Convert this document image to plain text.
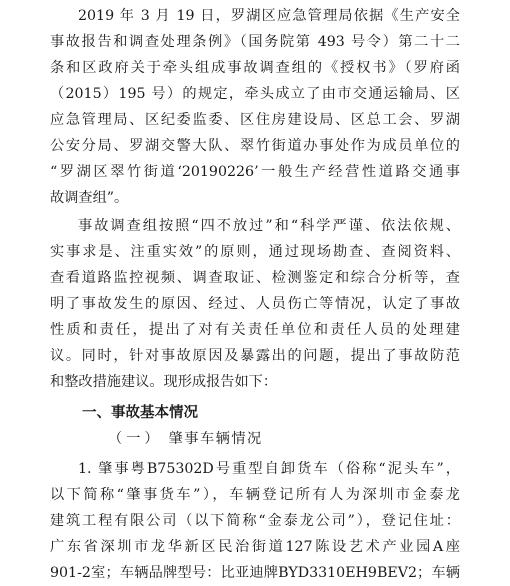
2019 年 3 月 19 日，罗湖区应急管理局依据《生产安全
事故报告和调查处理条例》（国务院第 493 号令）第二十二
条和区政府关于牵头组成事故调查组的《授权书》（罗府函
（2015）195 号）的规定，牵头成立了由市交通运输局、区
应急管理局、区纪委监委、区住房建设局、区总工会、罗湖
公安分局、罗湖交警大队、翠竹街道办事处作为成员单位的
“罗湖区翠竹街道‘20190226’一般生产经营性道路交通事
故调查组”。
事故调查组按照“四不放过”和“科学严谨、依法依规、
实事求是、注重实效”的原则，通过现场勘查、查阅资料、
查看道路监控视频、调查取证、检测鉴定和综合分析等，查
明了事故发生的原因、经过、人员伤亡等情况，认定了事故
性质和责任，提出了对有关责任单位和责任人员的处理建
议。同时，针对事故原因及暴露出的问题，提出了事故防范
和整改措施建议。现形成报告如下：
一、事故基本情况
（一） 肇事车辆情况
1. 肇事粤B75302D号重型自卸货车（俗称“泥头车”，
以下简称“肇事货车”），车辆登记所有人为深圳市金泰龙
建筑工程有限公司（以下简称“金泰龙公司”），登记住址：
广东省深圳市龙华新区民治街道127陈设艺术产业园A座
901-2室；车辆品牌型号：比亚迪牌BYD3310EH9BEV2；车辆
